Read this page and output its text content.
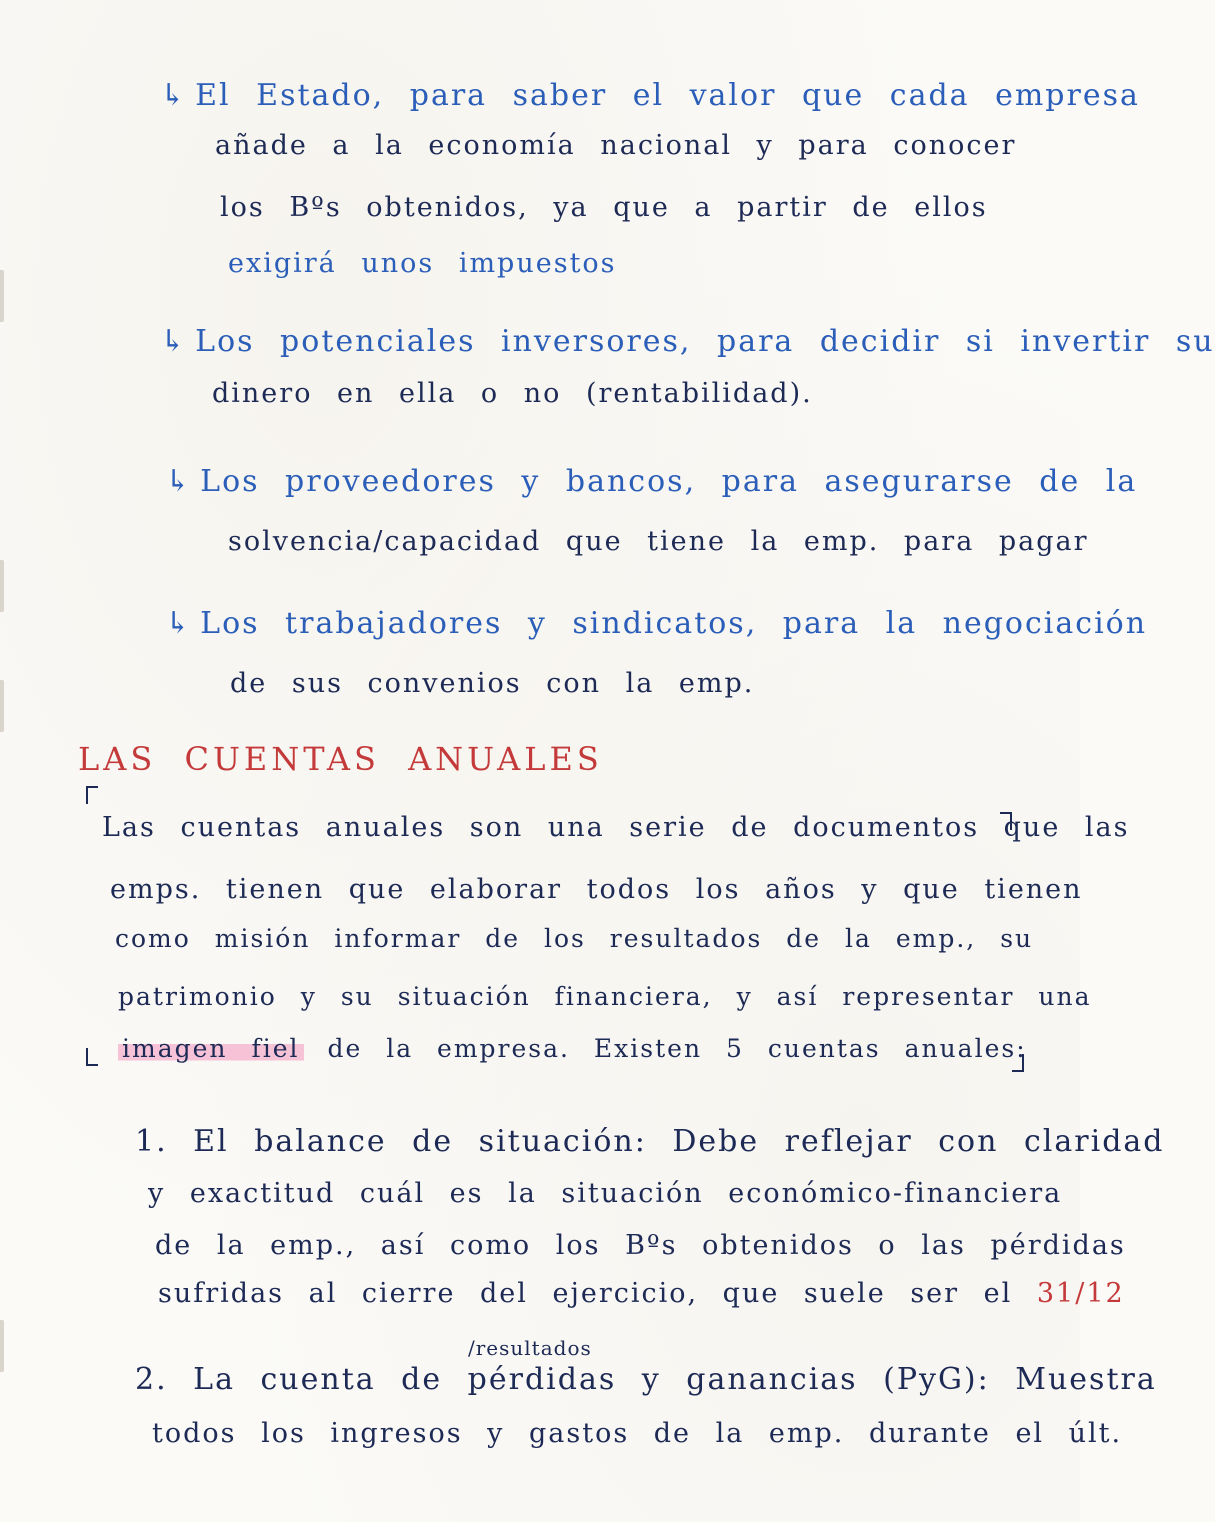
↳ El Estado, para saber el valor que cada empresa
añade a la economía nacional y para conocer
los Bºs obtenidos, ya que a partir de ellos
exigirá unos impuestos
↳ Los potenciales inversores, para decidir si invertir su
dinero en ella o no (rentabilidad).
↳ Los proveedores y bancos, para asegurarse de la
solvencia/capacidad que tiene la emp. para pagar
↳ Los trabajadores y sindicatos, para la negociación
de sus convenios con la emp.
LAS CUENTAS ANUALES
Las cuentas anuales son una serie de documentos que las
emps. tienen que elaborar todos los años y que tienen
como misión informar de los resultados de la emp., su
patrimonio y su situación financiera, y así representar una
imagen fiel de la empresa. Existen 5 cuentas anuales:
1. El balance de situación: Debe reflejar con claridad
y exactitud cuál es la situación económico-financiera
de la emp., así como los Bºs obtenidos o las pérdidas
sufridas al cierre del ejercicio, que suele ser el 31/12
/resultados
2. La cuenta de pérdidas y ganancias (PyG): Muestra
todos los ingresos y gastos de la emp. durante el últ.
